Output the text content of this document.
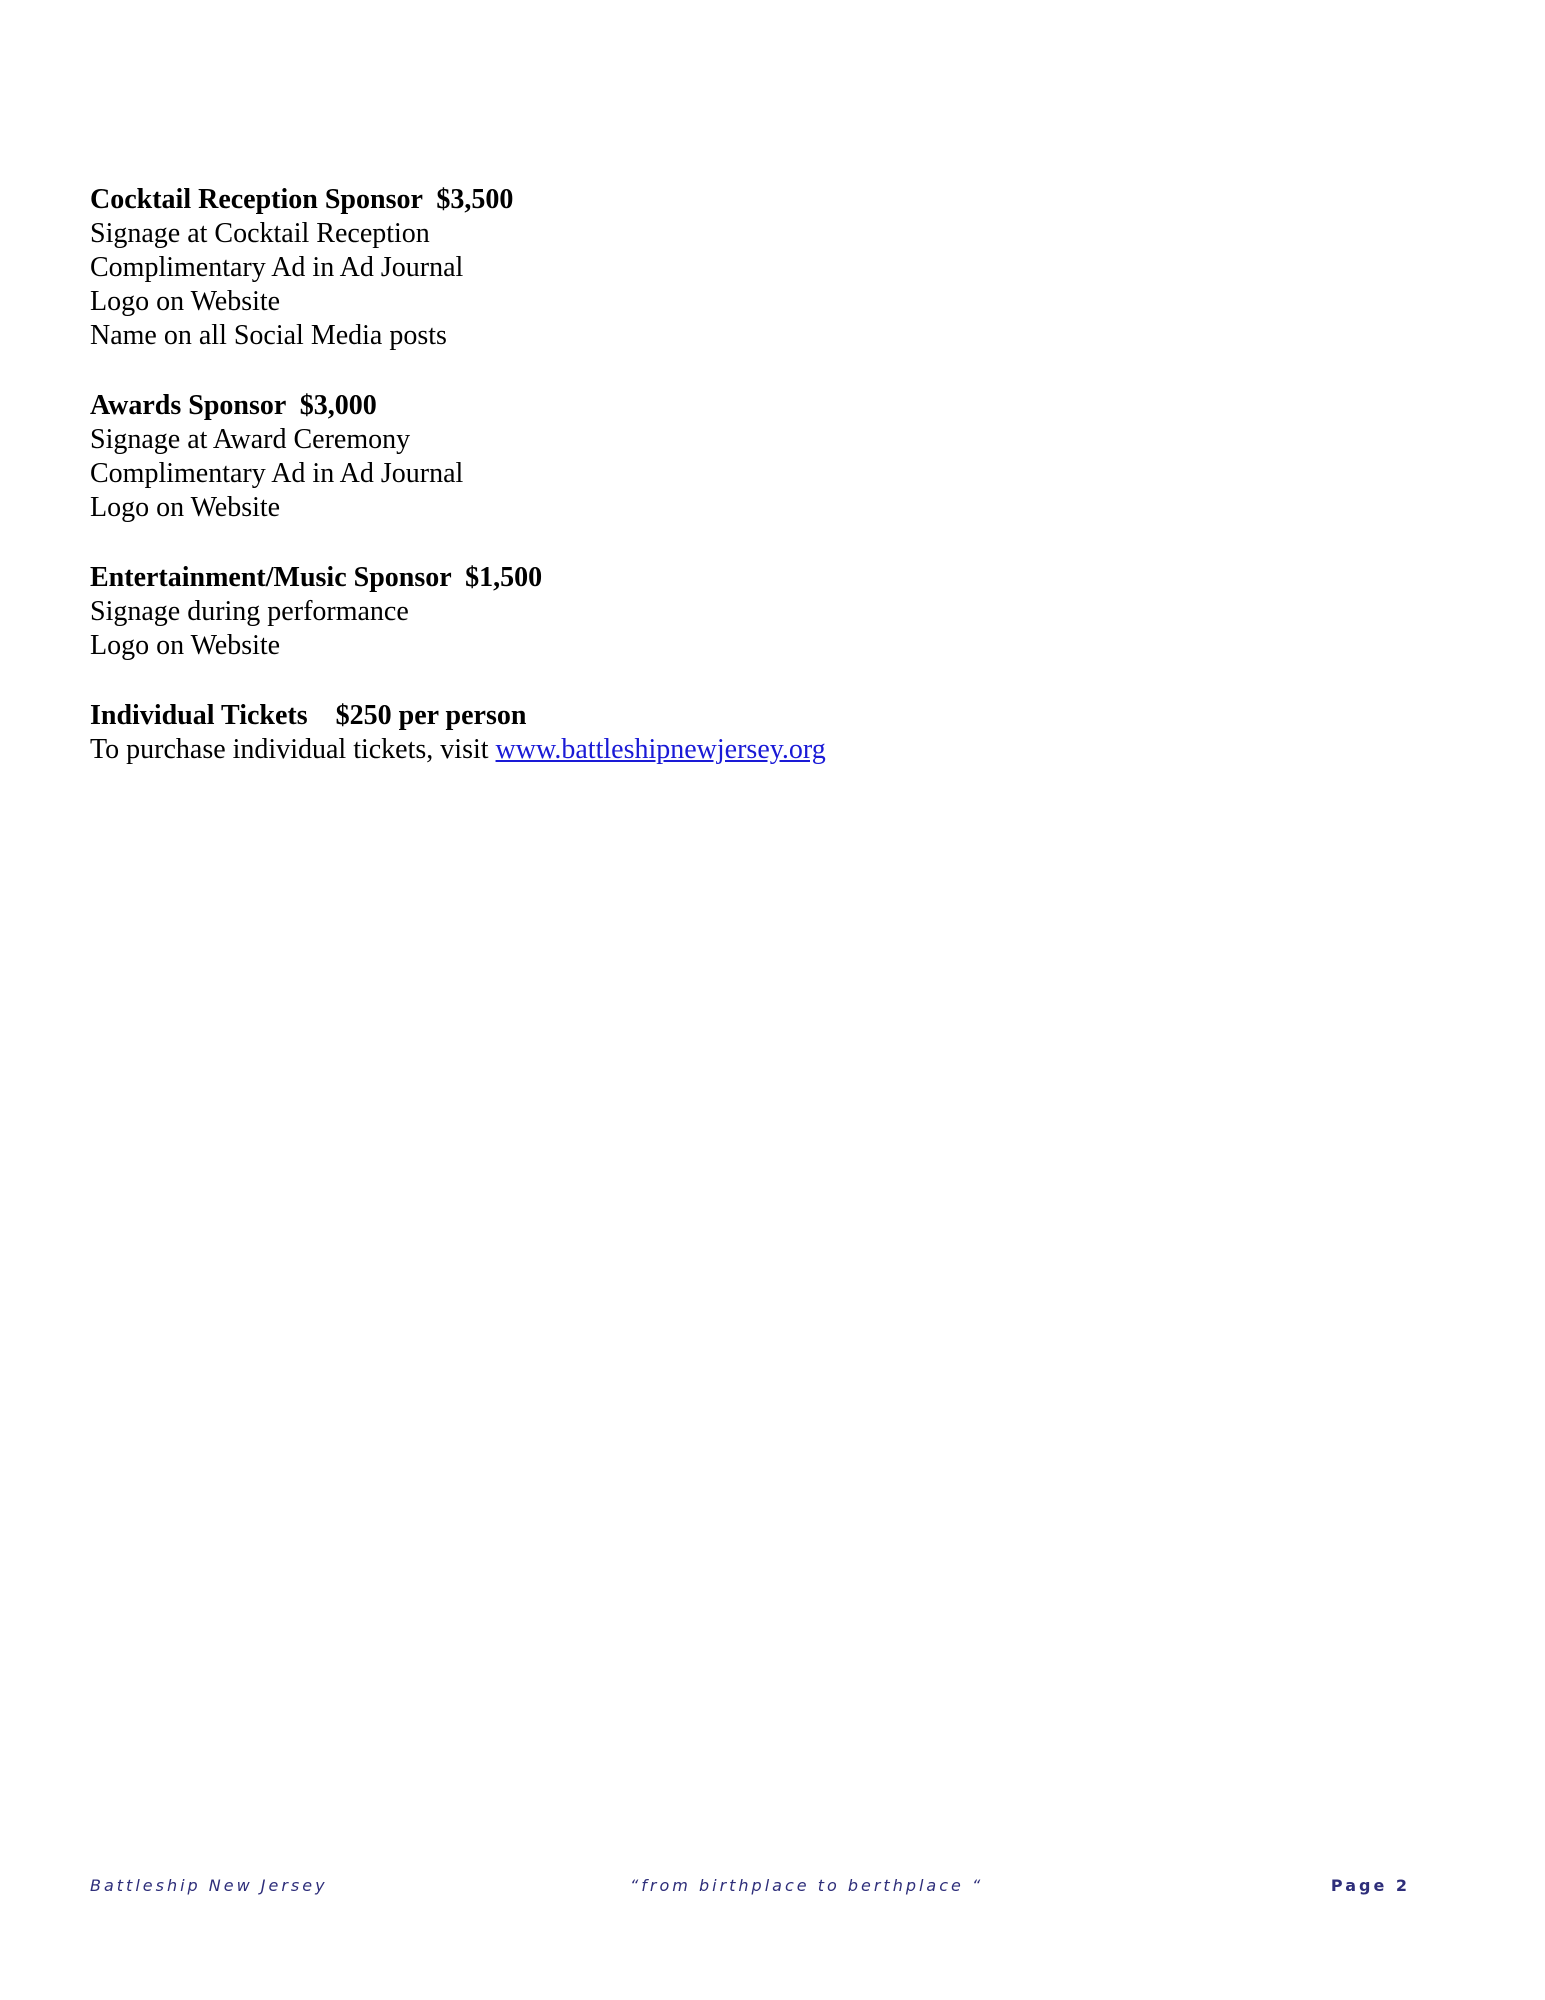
Cocktail Reception Sponsor  $3,500
Signage at Cocktail Reception
Complimentary Ad in Ad Journal
Logo on Website
Name on all Social Media posts
Awards Sponsor  $3,000
Signage at Award Ceremony
Complimentary Ad in Ad Journal
Logo on Website
Entertainment/Music Sponsor  $1,500
Signage during performance
Logo on Website
Individual Tickets    $250 per person
To purchase individual tickets, visit www.battleshipnewjersey.org
Battleship New Jersey	“from birthplace to berthplace “	Page 2
